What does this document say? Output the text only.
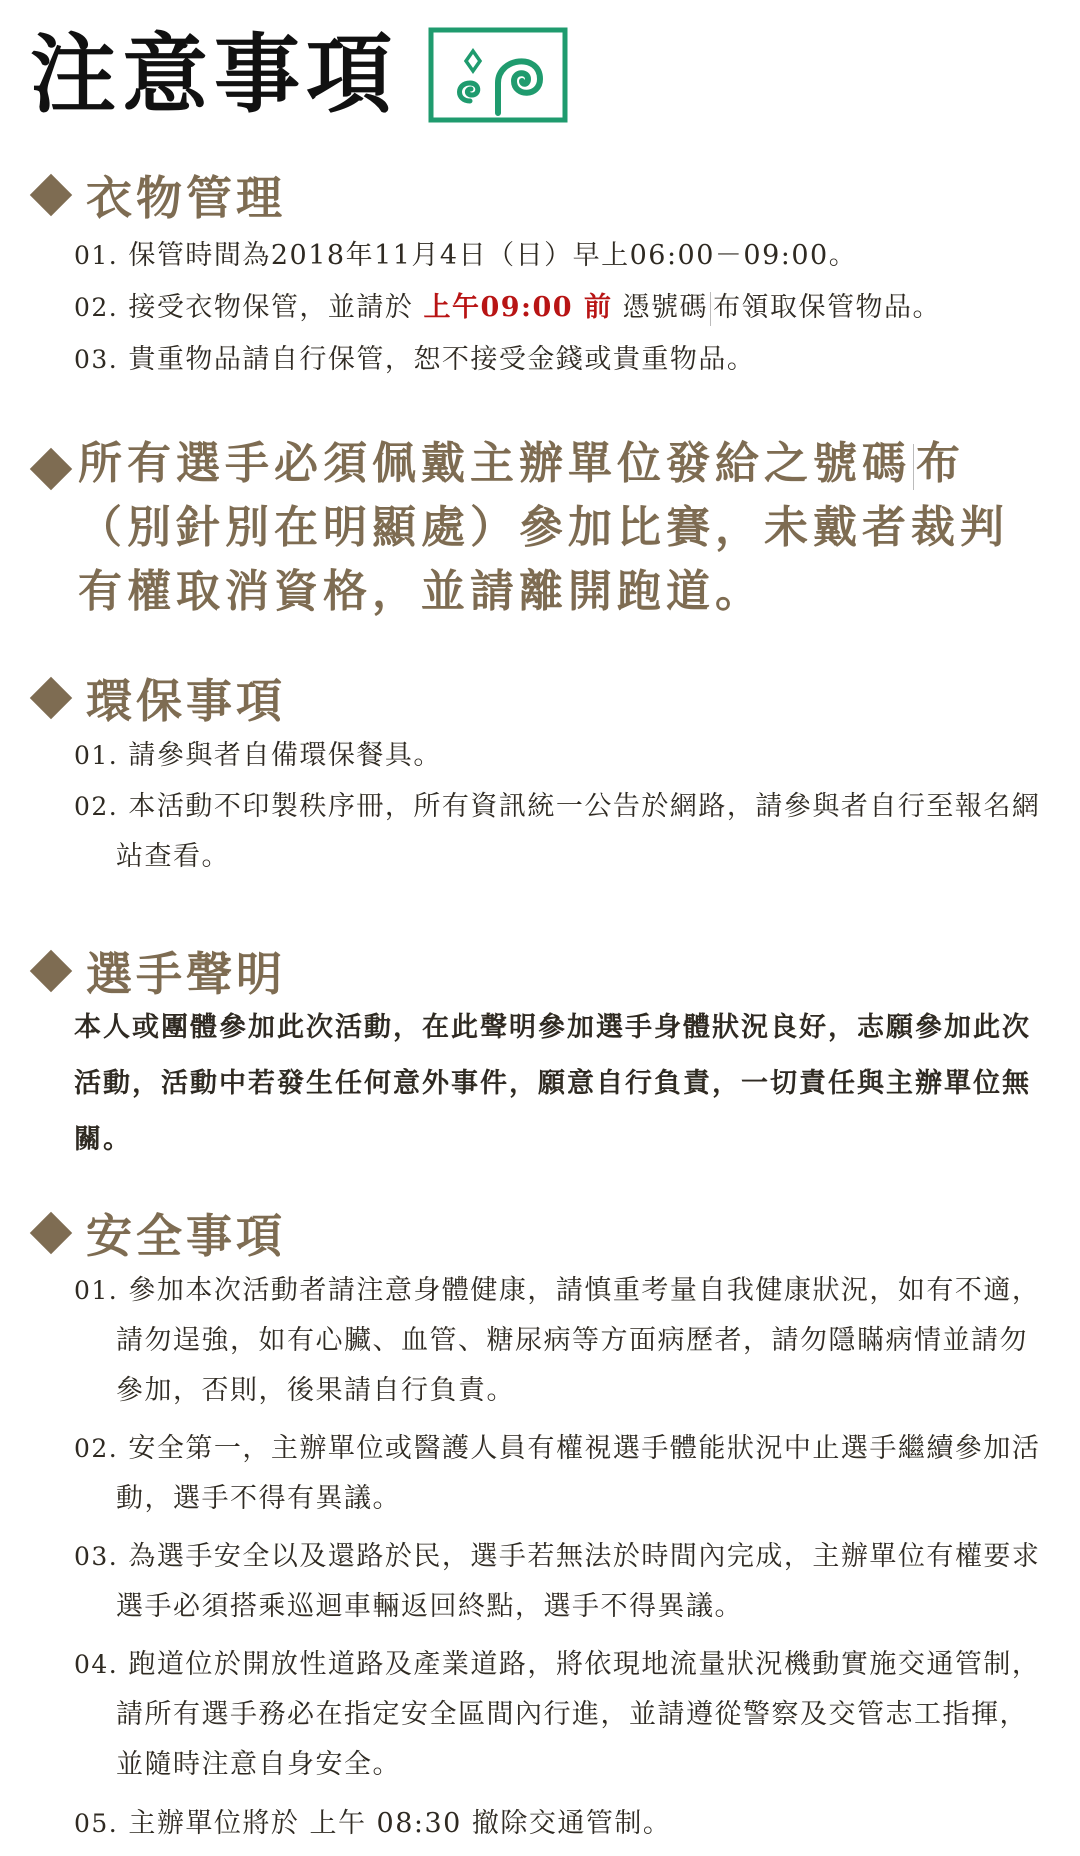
注意事項
衣物管理
01. 保管時間為2018年11月4日（日）早上06:00－09:00。
02. 接受衣物保管，並請於 上午09:00 前 憑號碼 布領取保管物品。
03. 貴重物品請自行保管，恕不接受金錢或貴重物品。
所有選手必須佩戴主辦單位發給之號碼 布（別針別在明顯處）參加比賽，未戴者裁判有權取消資格，並請離開跑道。
環保事項
01. 請參與者自備環保餐具。
02. 本活動不印製秩序冊，所有資訊統一公告於網路，請參與者自行至報名網站查看。
選手聲明
本人或團體參加此次活動，在此聲明參加選手身體狀況良好，志願參加此次活動，活動中若發生任何意外事件，願意自行負責，一切責任與主辦單位無關。
安全事項
01. 參加本次活動者請注意身體健康，請慎重考量自我健康狀況，如有不適，請勿逞強，如有心臟、血管、糖尿病等方面病歷者，請勿隱瞞病情並請勿參加，否則，後果請自行負責。
02. 安全第一，主辦單位或醫護人員有權視選手體能狀況中止選手繼續參加活動，選手不得有異議。
03. 為選手安全以及還路於民，選手若無法於時間內完成，主辦單位有權要求選手必須搭乘巡迴車輛返回終點，選手不得異議。
04. 跑道位於開放性道路及產業道路，將依現地流量狀況機動實施交通管制，請所有選手務必在指定安全區間內行進，並請遵從警察及交管志工指揮，並隨時注意自身安全。
05. 主辦單位將於 上午 08:30 撤除交通管制。
